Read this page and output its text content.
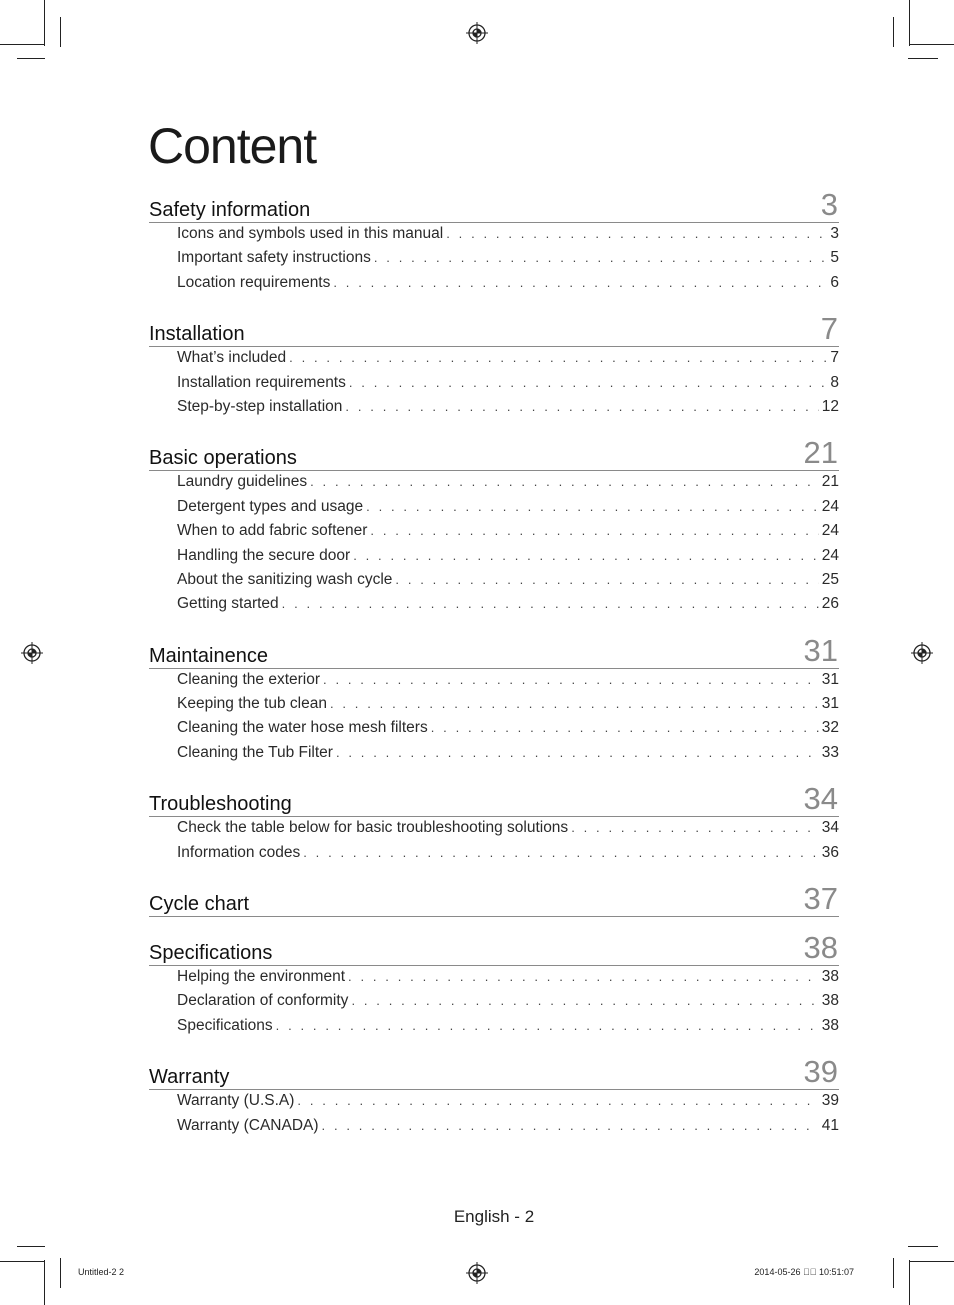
Content
Safety information	3
Icons and symbols used in this manual . . .	3
Important safety instructions . . .	5
Location requirements . . .	6
Installation	7
What’s included . . .	7
Installation requirements . . .	8
Step-by-step installation . . .	12
Basic operations	21
Laundry guidelines . . .	21
Detergent types and usage . . .	24
When to add fabric softener . . .	24
Handling the secure door . . .	24
About the sanitizing wash cycle . . .	25
Getting started . . .	26
Maintainence	31
Cleaning the exterior . . .	31
Keeping the tub clean . . .	31
Cleaning the water hose mesh filters . . .	32
Cleaning the Tub Filter . . .	33
Troubleshooting	34
Check the table below for basic troubleshooting solutions . . .	34
Information codes . . .	36
Cycle chart	37
Specifications	38
Helping the environment . . .	38
Declaration of conformity . . .	38
Specifications . . .	38
Warranty	39
Warranty (U.S.A) . . .	39
Warranty (CANADA) . . .	41
English - 2
Untitled-2 2	2014-05-26 ￿￿ 10:51:07
